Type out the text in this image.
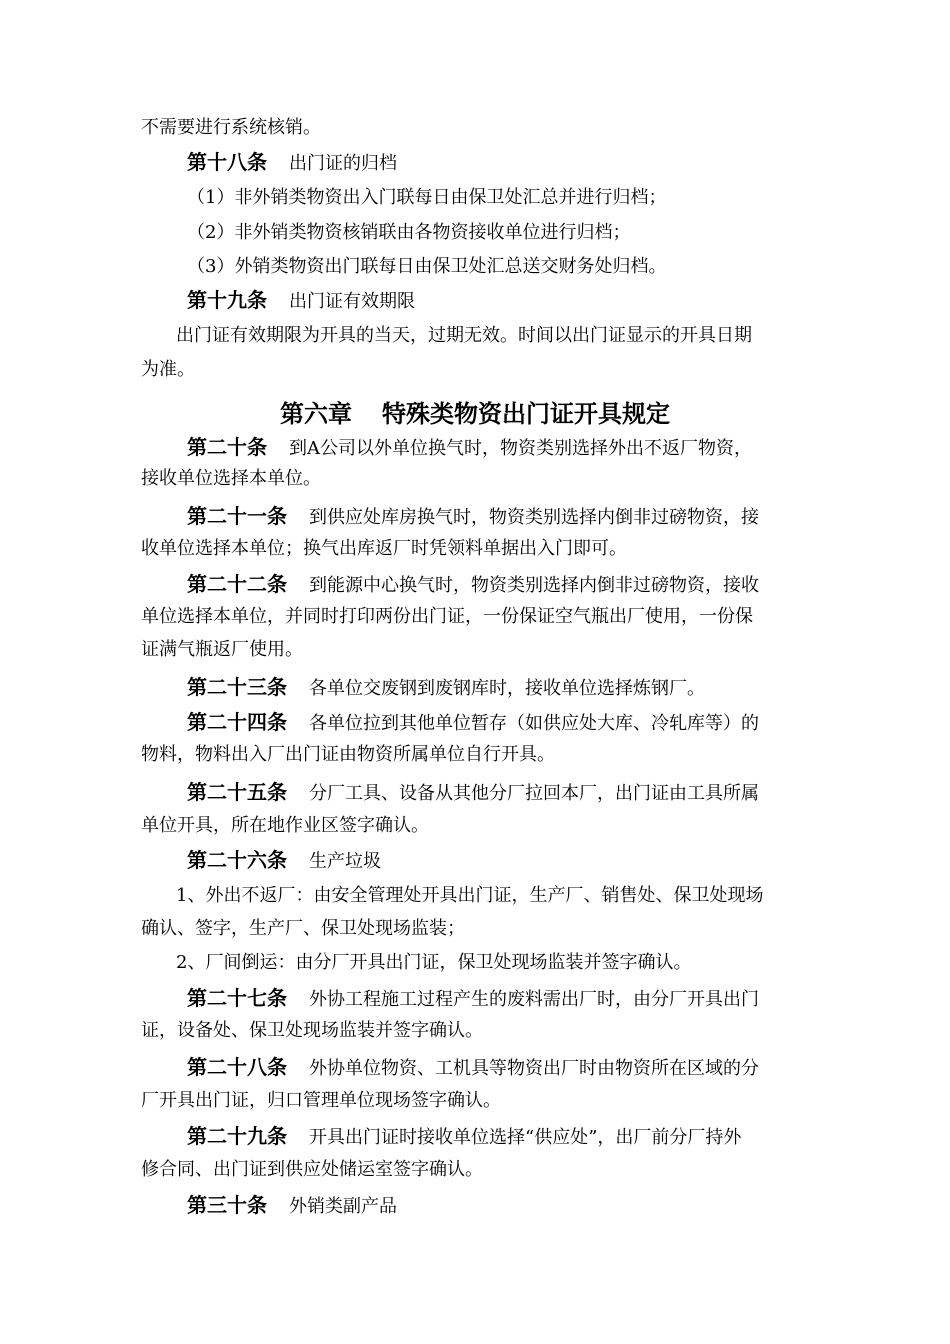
不需要进行系统核销。
第十八条 出门证的归档
（1）非外销类物资出入门联每日由保卫处汇总并进行归档；
（2）非外销类物资核销联由各物资接收单位进行归档；
（3）外销类物资出门联每日由保卫处汇总送交财务处归档。
第十九条 出门证有效期限
出门证有效期限为开具的当天，过期无效。时间以出门证显示的开具日期
为准。
第六章 特殊类物资出门证开具规定
第二十条 到A公司以外单位换气时，物资类别选择外出不返厂物资，
接收单位选择本单位。
第二十一条 到供应处库房换气时，物资类别选择内倒非过磅物资，接
收单位选择本单位；换气出库返厂时凭领料单据出入门即可。
第二十二条 到能源中心换气时，物资类别选择内倒非过磅物资，接收
单位选择本单位，并同时打印两份出门证，一份保证空气瓶出厂使用，一份保
证满气瓶返厂使用。
第二十三条 各单位交废钢到废钢库时，接收单位选择炼钢厂。
第二十四条 各单位拉到其他单位暂存（如供应处大库、冷轧库等）的
物料，物料出入厂出门证由物资所属单位自行开具。
第二十五条 分厂工具、设备从其他分厂拉回本厂，出门证由工具所属
单位开具，所在地作业区签字确认。
第二十六条 生产垃圾
1、外出不返厂：由安全管理处开具出门证，生产厂、销售处、保卫处现场
确认、签字，生产厂、保卫处现场监装；
2、厂间倒运：由分厂开具出门证，保卫处现场监装并签字确认。
第二十七条 外协工程施工过程产生的废料需出厂时，由分厂开具出门
证，设备处、保卫处现场监装并签字确认。
第二十八条 外协单位物资、工机具等物资出厂时由物资所在区域的分
厂开具出门证，归口管理单位现场签字确认。
第二十九条 开具出门证时接收单位选择“供应处”，出厂前分厂持外
修合同、出门证到供应处储运室签字确认。
第三十条 外销类副产品
